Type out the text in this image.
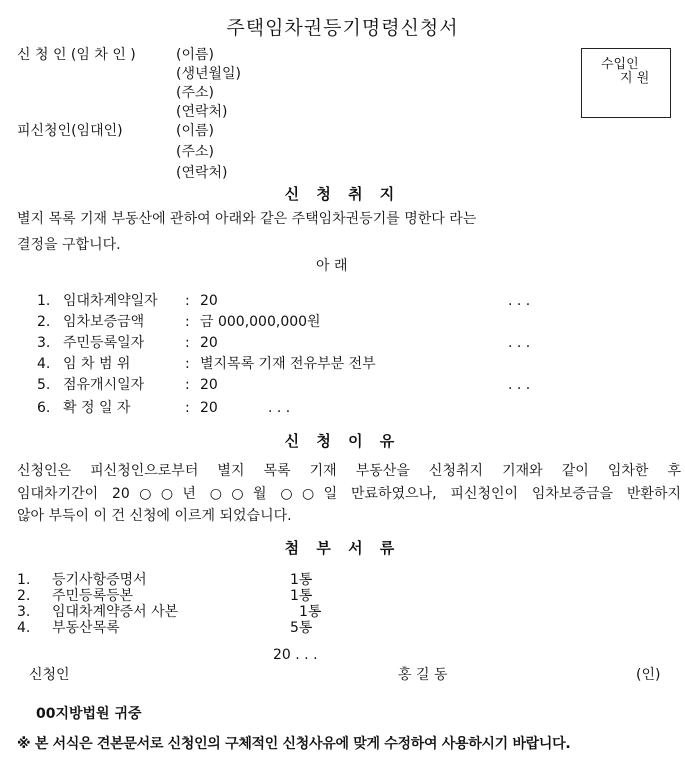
주택임차권등기명령신청서
수입인
지 원
신 청 인 (임 차 인 )	(이름)
(생년월일)
(주소)
(연락처)
피신청인(임대인)	(이름)
(주소)
(연락처)
신 청 취 지
별지 목록 기재 부동산에 관하여 아래와 같은 주택임차권등기를 명한다 라는
결정을 구합니다.
아 래
1. 임대차계약일자 : 20	. . .
2. 임차보증금액	: 금 000,000,000원
3. 주민등록일자	: 20	. . .
4. 임 차 범 위	: 별지목록 기재 전유부분 전부
5. 점유개시일자	: 20	. . .
6. 확 정 일 자	: 20	. . .
신 청 이 유
신청인은 피신청인으로부터 별지 목록 기재 부동산을 신청취지 기재와 같이 임차한 후
임대차기간이 20○○년 ○○월 ○○일 만료하였으나, 피신청인이 임차보증금을 반환하지
않아 부득이 이 건 신청에 이르게 되었습니다.
첨 부 서 류
1. 등기사항증명서	1통
2. 주민등록등본	1통
3. 임대차계약증서 사본	1통
4. 부동산목록	5통
20 . . .
신청인	홍 길 동	(인)
00지방법원 귀중
※ 본 서식은 견본문서로 신청인의 구체적인 신청사유에 맞게 수정하여 사용하시기 바랍니다.
